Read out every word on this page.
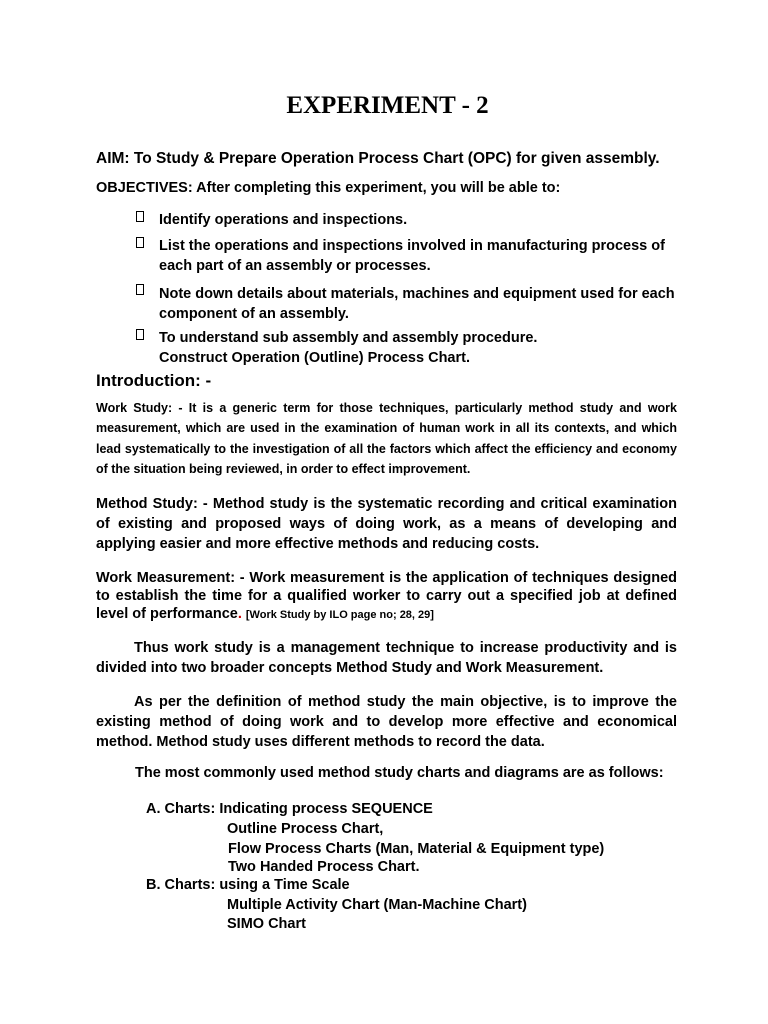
EXPERIMENT - 2
AIM: To Study & Prepare Operation Process Chart (OPC) for given assembly.
OBJECTIVES: After completing this experiment, you will be able to:
Identify operations and inspections.
List the operations and inspections involved in manufacturing process of each part of an assembly or processes.
Note down details about materials, machines and equipment used for each component of an assembly.
To understand sub assembly and assembly procedure.
Construct Operation (Outline) Process Chart.
Introduction: -
Work Study: - It is a generic term for those techniques, particularly method study and work measurement, which are used in the examination of human work in all its contexts, and which lead systematically to the investigation of all the factors which affect the efficiency and economy of the situation being reviewed, in order to effect improvement.
Method Study: - Method study is the systematic recording and critical examination of existing and proposed ways of doing work, as a means of developing and applying easier and more effective methods and reducing costs.
Work Measurement: - Work measurement is the application of techniques designed to establish the time for a qualified worker to carry out a specified job at defined level of performance. [Work Study by ILO page no; 28, 29]
Thus work study is a management technique to increase productivity and is divided into two broader concepts Method Study and Work Measurement.
As per the definition of method study the main objective, is to improve the existing method of doing work and to develop more effective and economical method. Method study uses different methods to record the data.
The most commonly used method study charts and diagrams are as follows:
A. Charts: Indicating process SEQUENCE
Outline Process Chart,
Flow Process Charts (Man, Material & Equipment type)
Two Handed Process Chart.
B. Charts: using a Time Scale
Multiple Activity Chart (Man-Machine Chart)
SIMO Chart
